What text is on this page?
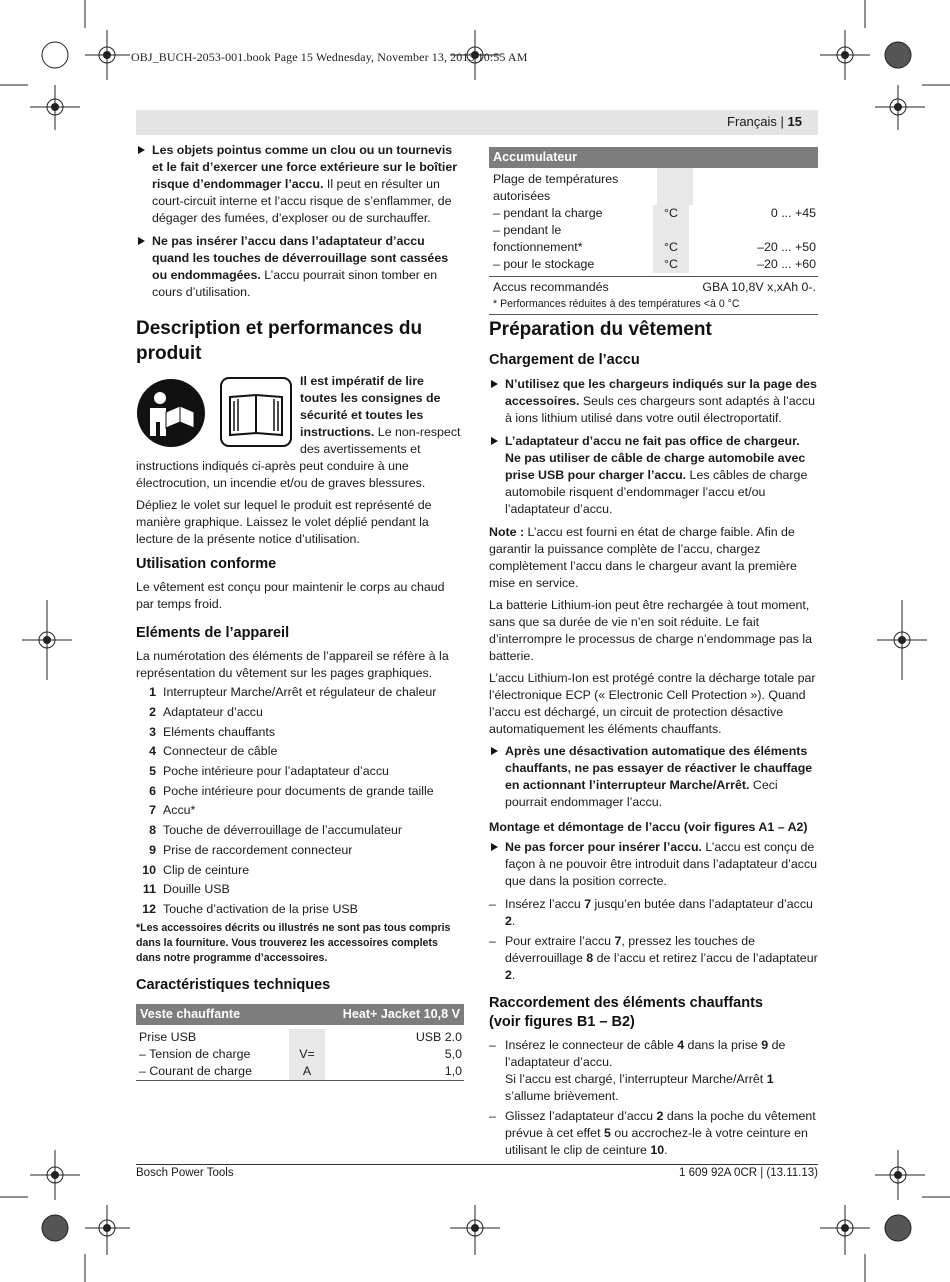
OBJ_BUCH-2053-001.book Page 15 Wednesday, November 13, 2013 10:55 AM
Français | 15
Les objets pointus comme un clou ou un tournevis et le fait d’exercer une force extérieure sur le boîtier risque d’endommager l’accu. Il peut en résulter un court-circuit interne et l’accu risque de s’enflammer, de dégager des fumées, d’exploser ou de surchauffer.
Ne pas insérer l’accu dans l’adaptateur d’accu quand les touches de déverrouillage sont cassées ou endommagées. L’accu pourrait sinon tomber en cours d’utilisation.
Description et performances du produit

Il est impératif de lire toutes les consignes de sécurité et toutes les instructions. Le non-respect des avertissements et instructions indiqués ci-après peut conduire à une électrocution, un incendie et/ou de graves blessures.

Dépliez le volet sur lequel le produit est représenté de manière graphique. Laissez le volet déplié pendant la lecture de la présente notice d’utilisation.

Utilisation conforme

Le vêtement est conçu pour maintenir le corps au chaud par temps froid.

Eléments de l’appareil

La numérotation des éléments de l’appareil se réfère à la représentation du vêtement sur les pages graphiques.

1 Interrupteur Marche/Arrêt et régulateur de chaleur
2 Adaptateur d’accu
3 Eléments chauffants
4 Connecteur de câble
5 Poche intérieure pour l’adaptateur d’accu
6 Poche intérieure pour documents de grande taille
7 Accu*
8 Touche de déverrouillage de l’accumulateur
9 Prise de raccordement connecteur
10 Clip de ceinture
11 Douille USB
12 Touche d’activation de la prise USB

*Les accessoires décrits ou illustrés ne sont pas tous compris dans la fourniture. Vous trouverez les accessoires complets dans notre programme d’accessoires.

Caractéristiques techniques
Veste chauffante	Heat+ Jacket 10,8 V
Prise USB	USB 2.0
– Tension de charge	V=	5,0
– Courant de charge	A	1,0
Accumulateur
Plage de températures autorisées
– pendant la charge	°C	0 ... +45
– pendant le fonctionnement*	°C	–20 ... +50
– pour le stockage	°C	–20 ... +60
Accus recommandés	GBA 10,8V x,xAh 0-.
* Performances réduites à des températures <à 0 °C
Préparation du vêtement
Chargement de l’accu
N’utilisez que les chargeurs indiqués sur la page des accessoires. Seuls ces chargeurs sont adaptés à l’accu à ions lithium utilisé dans votre outil électroportatif.
L’adaptateur d’accu ne fait pas office de chargeur. Ne pas utiliser de câble de charge automobile avec prise USB pour charger l’accu. Les câbles de charge automobile risquent d’endommager l’accu et/ou l’adaptateur d’accu.

Note : L’accu est fourni en état de charge faible. Afin de garantir la puissance complète de l’accu, chargez complètement l’accu dans le chargeur avant la première mise en service.

La batterie Lithium-ion peut être rechargée à tout moment, sans que sa durée de vie n’en soit réduite. Le fait d’interrompre le processus de charge n’endommage pas la batterie.

L’accu Lithium-Ion est protégé contre la décharge totale par l’électronique ECP (« Electronic Cell Protection »). Quand l’accu est déchargé, un circuit de protection désactive automatiquement les éléments chauffants.

Après une désactivation automatique des éléments chauffants, ne pas essayer de réactiver le chauffage en actionnant l’interrupteur Marche/Arrêt. Ceci pourrait endommager l’accu.

Montage et démontage de l’accu (voir figures A1 – A2)

Ne pas forcer pour insérer l’accu. L’accu est conçu de façon à ne pouvoir être introduit dans l’adaptateur d’accu que dans la position correcte.
– Insérez l’accu 7 jusqu’en butée dans l’adaptateur d’accu 2.
– Pour extraire l’accu 7, pressez les touches de déverrouillage 8 de l’accu et retirez l’accu de l’adaptateur 2.
Raccordement des éléments chauffants
(voir figures B1 – B2)
– Insérez le connecteur de câble 4 dans la prise 9 de l’adaptateur d’accu.
Si l’accu est chargé, l’interrupteur Marche/Arrêt 1 s’allume brièvement.
– Glissez l’adaptateur d’accu 2 dans la poche du vêtement prévue à cet effet 5 ou accrochez-le à votre ceinture en utilisant le clip de ceinture 10.
Bosch Power Tools	1 609 92A 0CR | (13.11.13)
